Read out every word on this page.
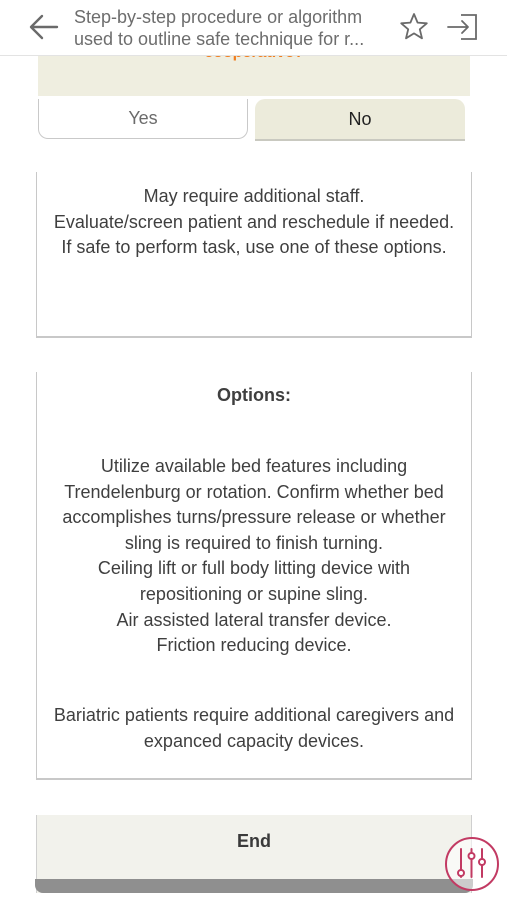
Step-by-step procedure or algorithm
used to outline safe technique for r...
Yes	No
May require additional staff.
Evaluate/screen patient and reschedule if needed.
If safe to perform task, use one of these options.
Options:
Utilize available bed features including Trendelenburg or rotation. Confirm whether bed accomplishes turns/pressure release or whether sling is required to finish turning.
Ceiling lift or full body litting device with repositioning or supine sling.
Air assisted lateral transfer device.
Friction reducing device.
Bariatric patients require additional caregivers and expanced capacity devices.
End
